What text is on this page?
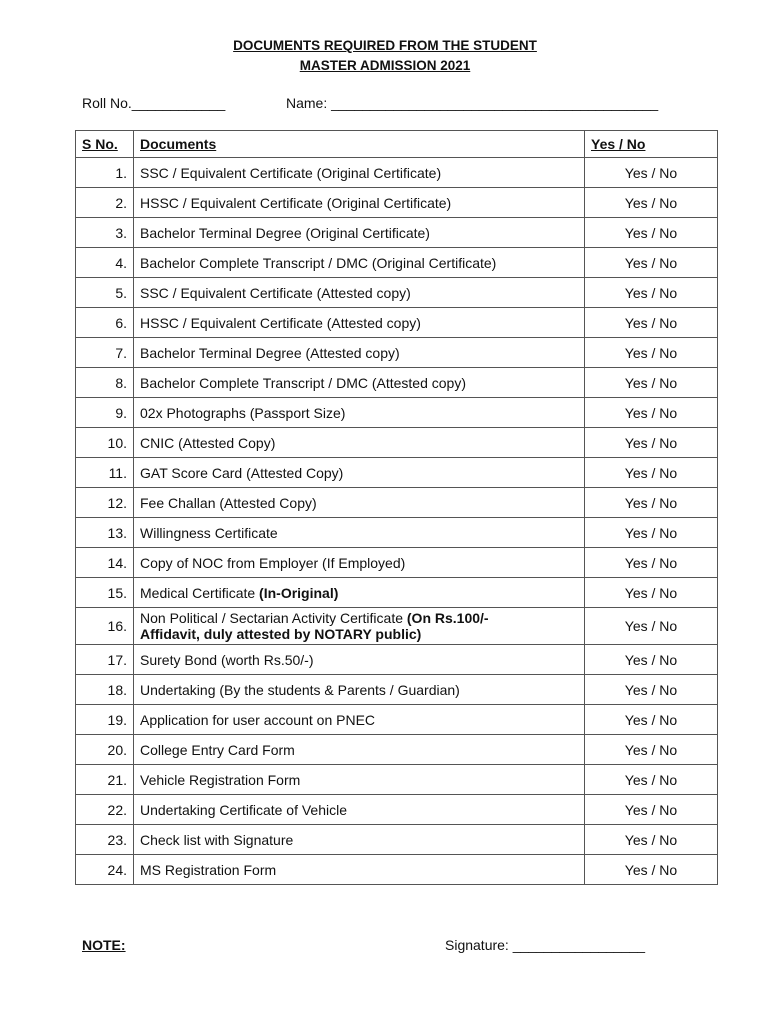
DOCUMENTS REQUIRED FROM THE STUDENT
MASTER ADMISSION 2021
Roll No.____________	Name: __________________________________________
S No.	Documents	Yes / No
1.	SSC / Equivalent Certificate (Original Certificate)	Yes / No
2.	HSSC / Equivalent Certificate (Original Certificate)	Yes / No
3.	Bachelor Terminal Degree (Original Certificate)	Yes / No
4.	Bachelor Complete Transcript / DMC (Original Certificate)	Yes / No
5.	SSC / Equivalent Certificate (Attested copy)	Yes / No
6.	HSSC / Equivalent Certificate (Attested copy)	Yes / No
7.	Bachelor Terminal Degree (Attested copy)	Yes / No
8.	Bachelor Complete Transcript / DMC (Attested copy)	Yes / No
9.	02x Photographs (Passport Size)	Yes / No
10.	CNIC (Attested Copy)	Yes / No
11.	GAT Score Card (Attested Copy)	Yes / No
12.	Fee Challan (Attested Copy)	Yes / No
13.	Willingness Certificate	Yes / No
14.	Copy of NOC from Employer (If Employed)	Yes / No
15.	Medical Certificate (In-Original)	Yes / No
16.	Non Political / Sectarian Activity Certificate (On Rs.100/-
Affidavit, duly attested by NOTARY public)	Yes / No
17.	Surety Bond (worth Rs.50/-)	Yes / No
18.	Undertaking (By the students & Parents / Guardian)	Yes / No
19.	Application for user account on PNEC	Yes / No
20.	College Entry Card Form	Yes / No
21.	Vehicle Registration Form	Yes / No
22.	Undertaking Certificate of Vehicle	Yes / No
23.	Check list with Signature	Yes / No
24.	MS Registration Form	Yes / No
NOTE:	Signature: _________________
